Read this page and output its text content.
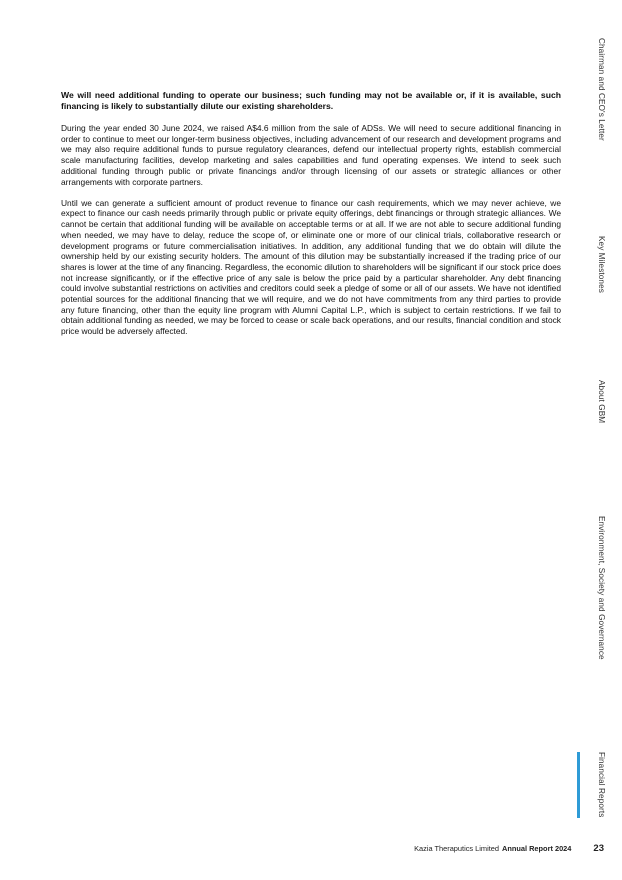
We will need additional funding to operate our business; such funding may not be available or, if it is available, such financing is likely to substantially dilute our existing shareholders.

During the year ended 30 June 2024, we raised A$4.6 million from the sale of ADSs. We will need to secure additional financing in order to continue to meet our longer-term business objectives, including advancement of our research and development programs and we may also require additional funds to pursue regulatory clearances, defend our intellectual property rights, establish commercial scale manufacturing facilities, develop marketing and sales capabilities and fund operating expenses. We intend to seek such additional funding through public or private financings and/or through licensing of our assets or strategic alliances or other arrangements with corporate partners.

Until we can generate a sufficient amount of product revenue to finance our cash requirements, which we may never achieve, we expect to finance our cash needs primarily through public or private equity offerings, debt financings or through strategic alliances. We cannot be certain that additional funding will be available on acceptable terms or at all. If we are not able to secure additional funding when needed, we may have to delay, reduce the scope of, or eliminate one or more of our clinical trials, collaborative research or development programs or future commercialisation initiatives. In addition, any additional funding that we do obtain will dilute the ownership held by our existing security holders. The amount of this dilution may be substantially increased if the trading price of our shares is lower at the time of any financing. Regardless, the economic dilution to shareholders will be significant if our stock price does not increase significantly, or if the effective price of any sale is below the price paid by a particular shareholder. Any debt financing could involve substantial restrictions on activities and creditors could seek a pledge of some or all of our assets. We have not identified potential sources for the additional financing that we will require, and we do not have commitments from any third parties to provide any future financing, other than the equity line program with Alumni Capital L.P., which is subject to certain restrictions. If we fail to obtain additional funding as needed, we may be forced to cease or scale back operations, and our results, financial condition and stock price would be adversely affected.

Chairman and CEO's Letter
Key Milestones
About GBM
Environment, Society and Governance
Financial Reports
Kazia Theraputics Limited Annual Report 2024 23
